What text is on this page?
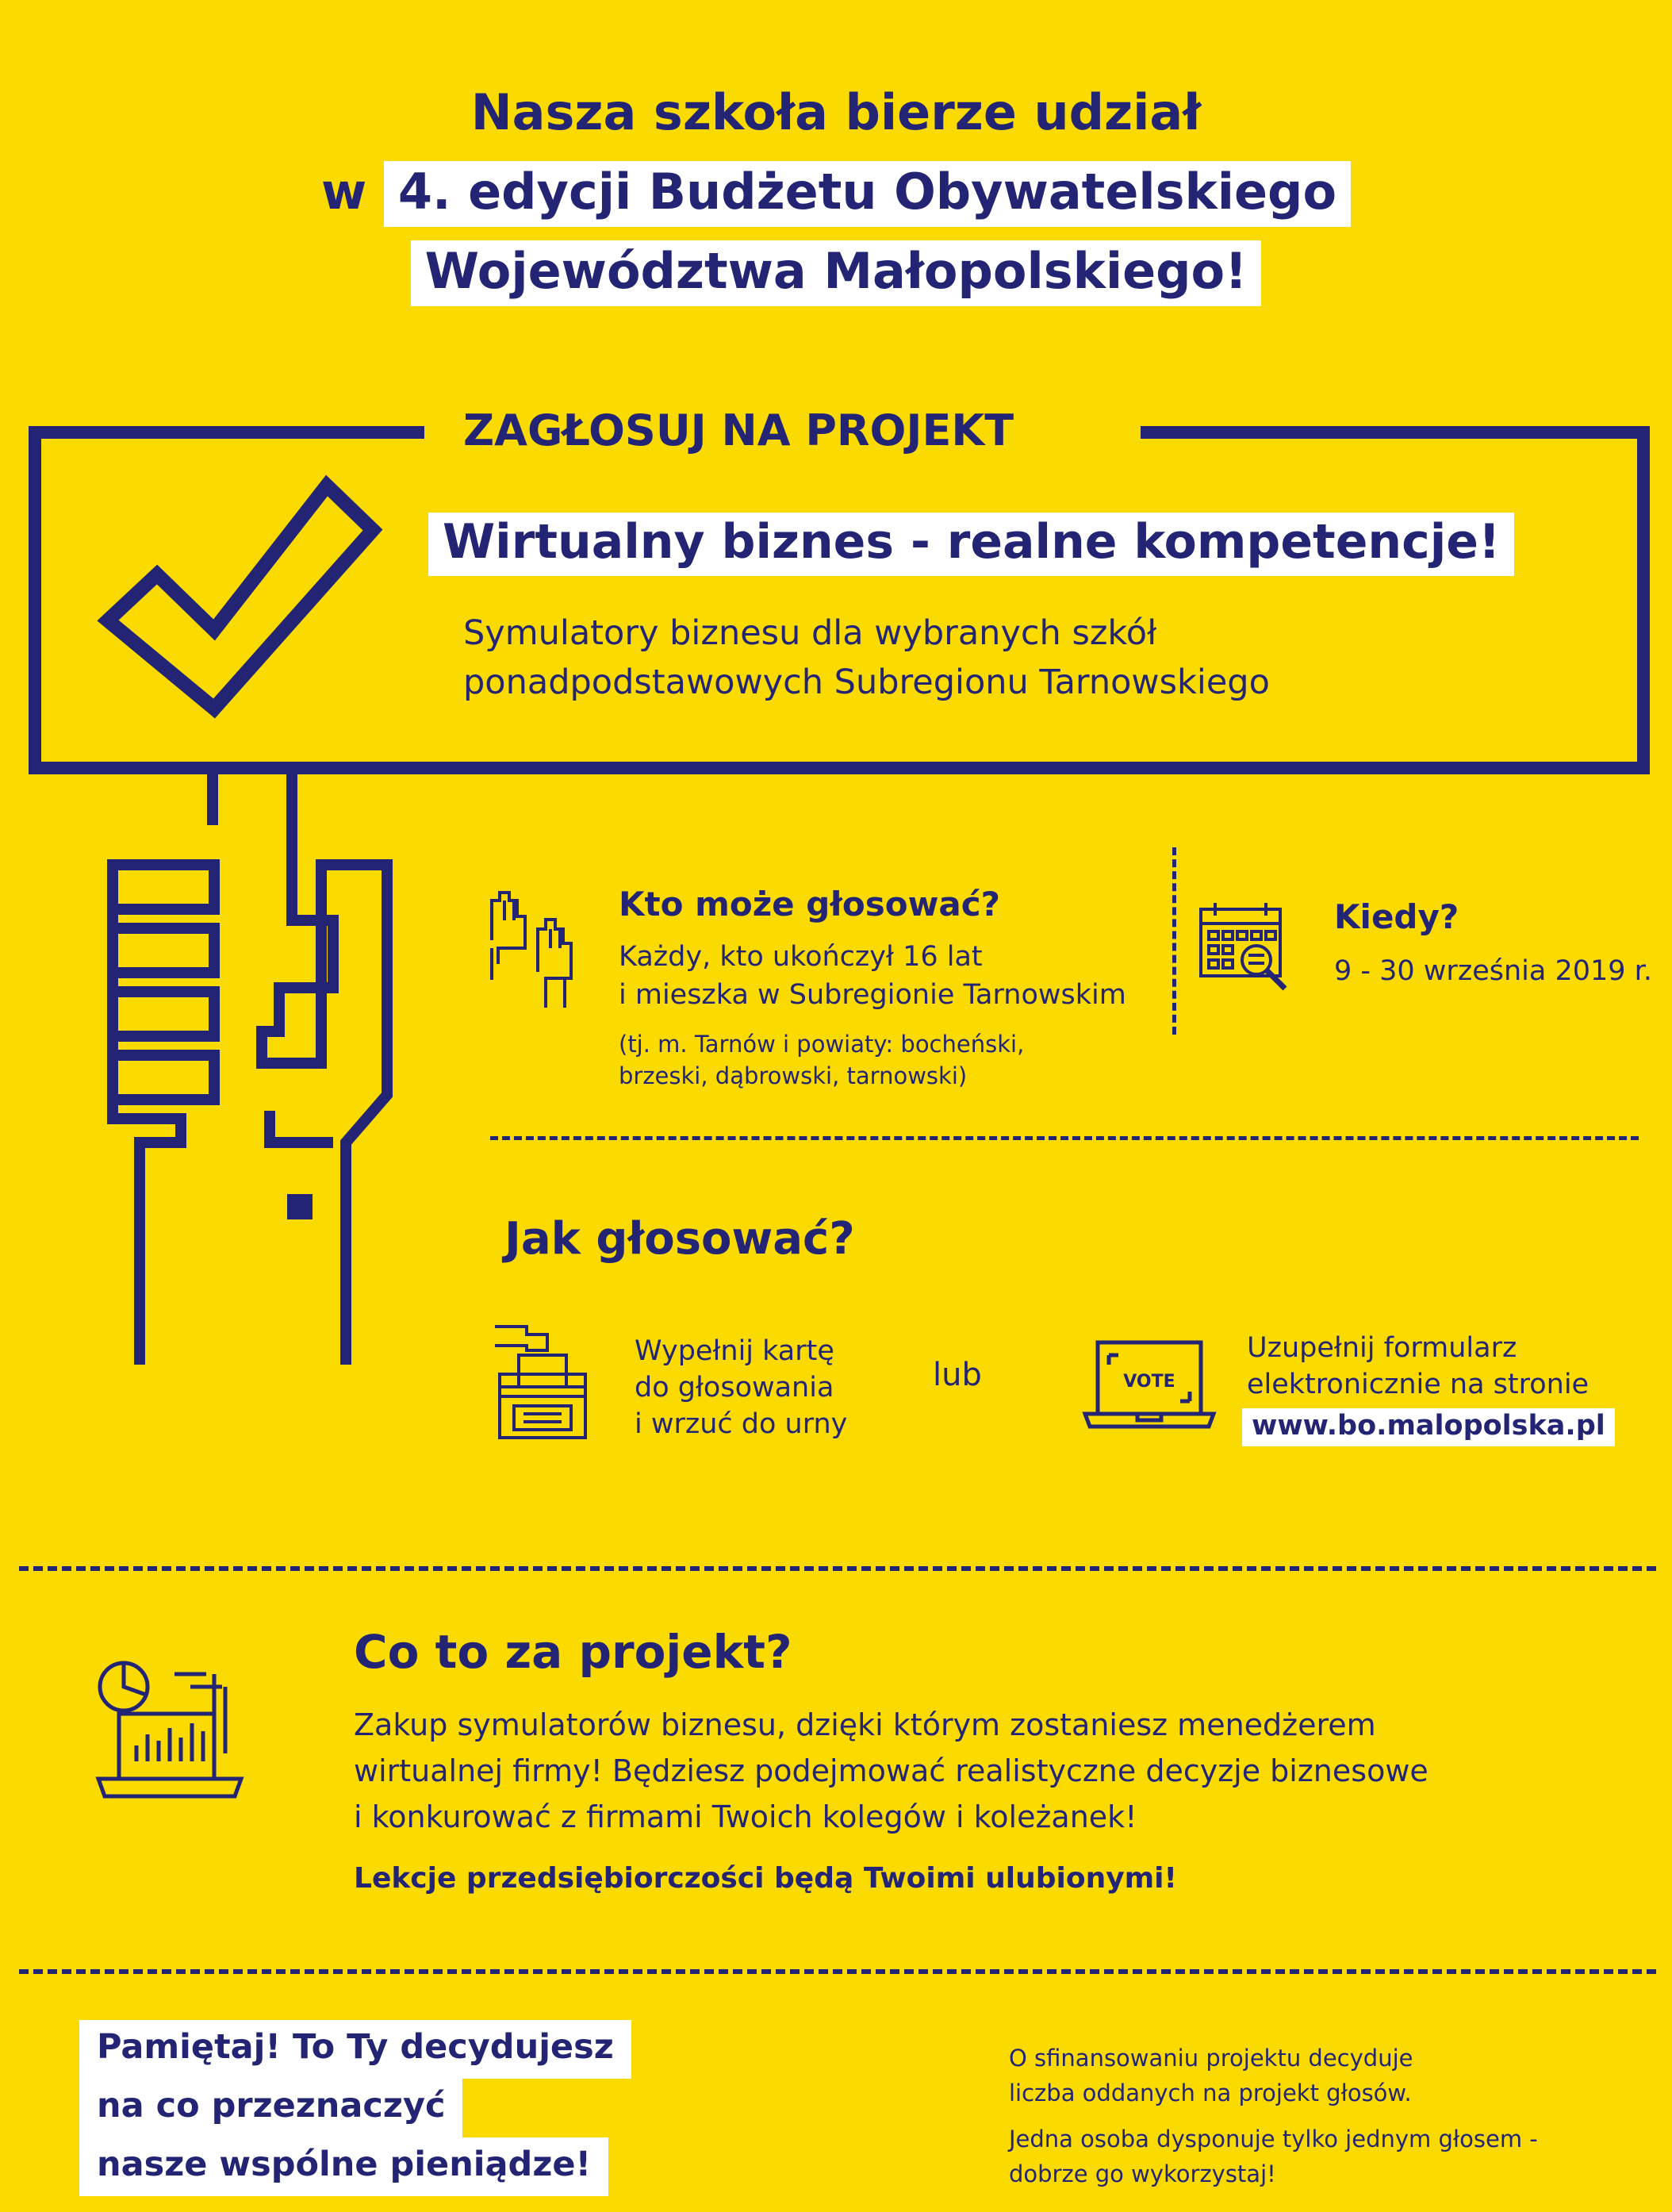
Nasza szkoła bierze udział
w 4. edycji Budżetu Obywatelskiego
Województwa Małopolskiego!
ZAGŁOSUJ NA PROJEKT
Wirtualny biznes - realne kompetencje!
Symulatory biznesu dla wybranych szkół
ponadpodstawowych Subregionu Tarnowskiego
Kto może głosować?
Każdy, kto ukończył 16 lat
i mieszka w Subregionie Tarnowskim
(tj. m. Tarnów i powiaty: bocheński,
brzeski, dąbrowski, tarnowski)
Kiedy?
9 - 30 września 2019 r.
Jak głosować?
Wypełnij kartę
do głosowania
i wrzuć do urny
lub	VOTE
Uzupełnij formularz
elektronicznie na stronie
www.bo.malopolska.pl
Co to za projekt?
Zakup symulatorów biznesu, dzięki którym zostaniesz menedżerem
wirtualnej firmy! Będziesz podejmować realistyczne decyzje biznesowe
i konkurować z firmami Twoich kolegów i koleżanek!
Lekcje przedsiębiorczości będą Twoimi ulubionymi!
Pamiętaj! To Ty decydujesz
na co przeznaczyć
nasze wspólne pieniądze!
O sfinansowaniu projektu decyduje
liczba oddanych na projekt głosów.
Jedna osoba dysponuje tylko jednym głosem -
dobrze go wykorzystaj!
